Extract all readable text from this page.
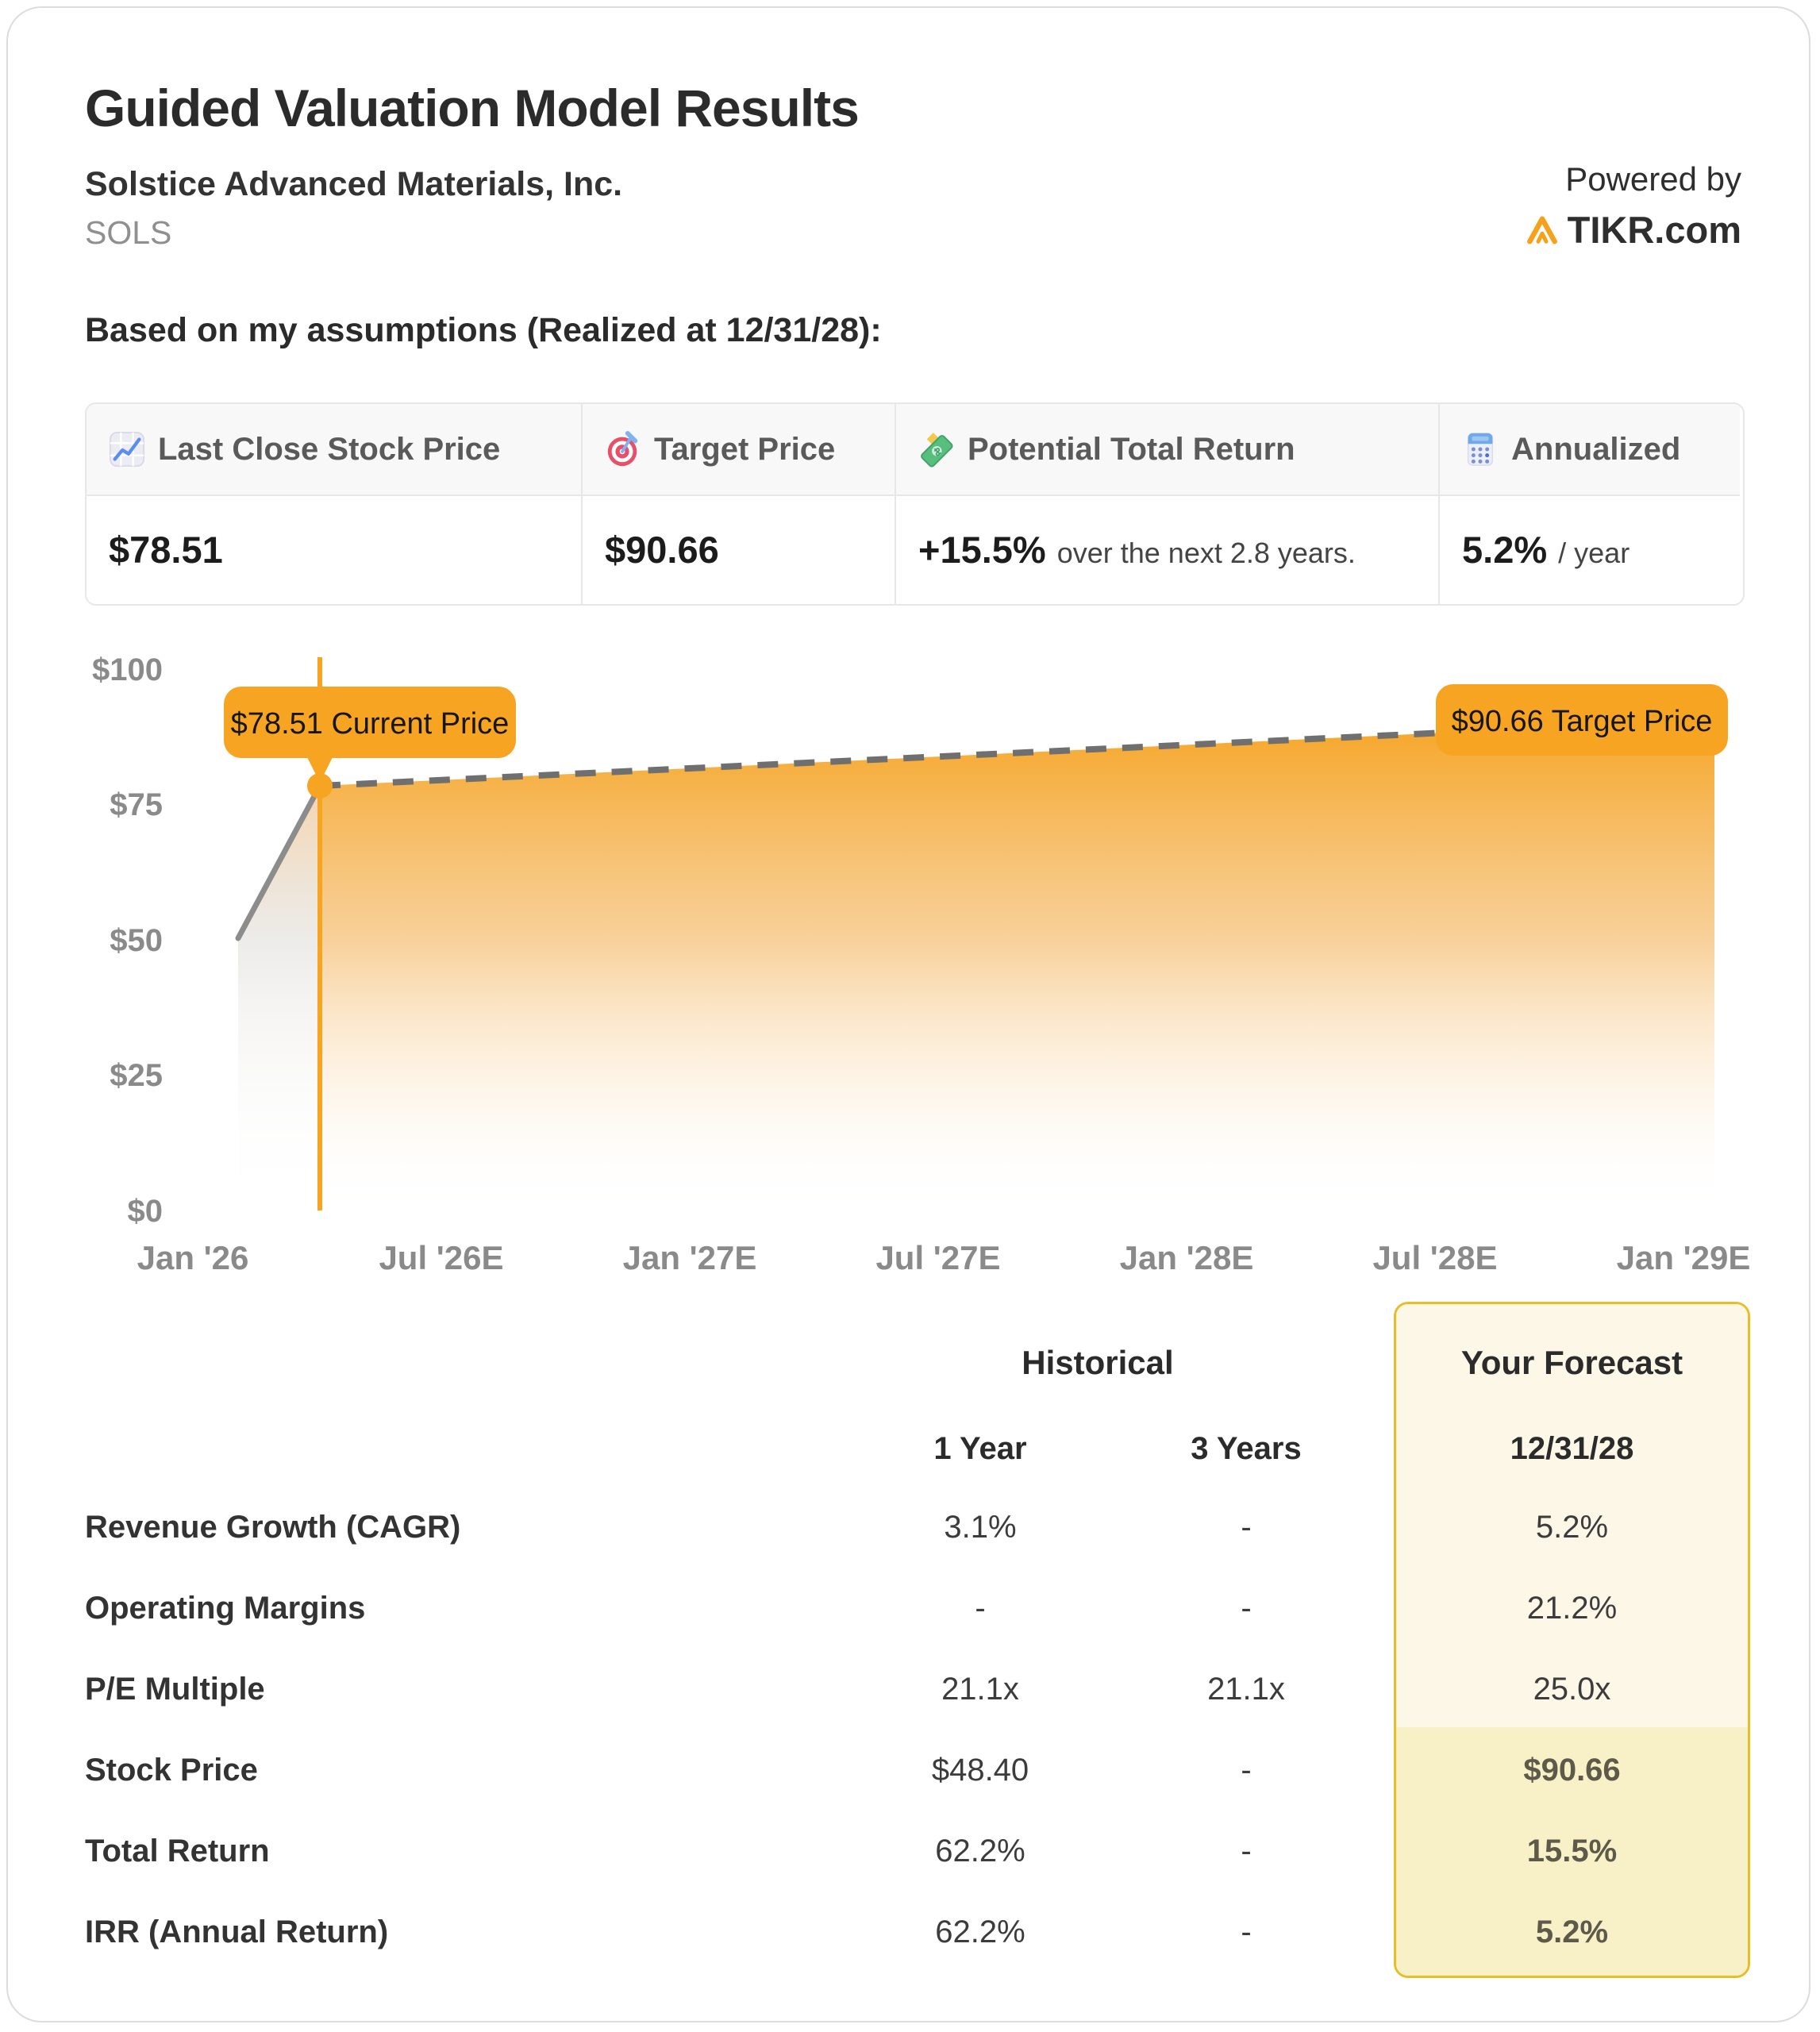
Guided Valuation Model Results
Solstice Advanced Materials, Inc.
SOLS
Powered by
TIKR.com
Based on my assumptions (Realized at 12/31/28):
Last Close Stock Price	Target Price	Potential Total Return	Annualized
$78.51	$90.66	+15.5% over the next 2.8 years.	5.2% / year
$100
$75
$50
$25
$0
Jan '26	Jul '26E	Jan '27E	Jul '27E	Jan '28E	Jul '28E	Jan '29E
$78.51 Current Price	$90.66 Target Price
Historical	Your Forecast
1 Year	3 Years	12/31/28
Revenue Growth (CAGR)	3.1%	-	5.2%
Operating Margins	-	-	21.2%
P/E Multiple	21.1x	21.1x	25.0x
Stock Price	$48.40	-	$90.66
Total Return	62.2%	-	15.5%
IRR (Annual Return)	62.2%	-	5.2%
